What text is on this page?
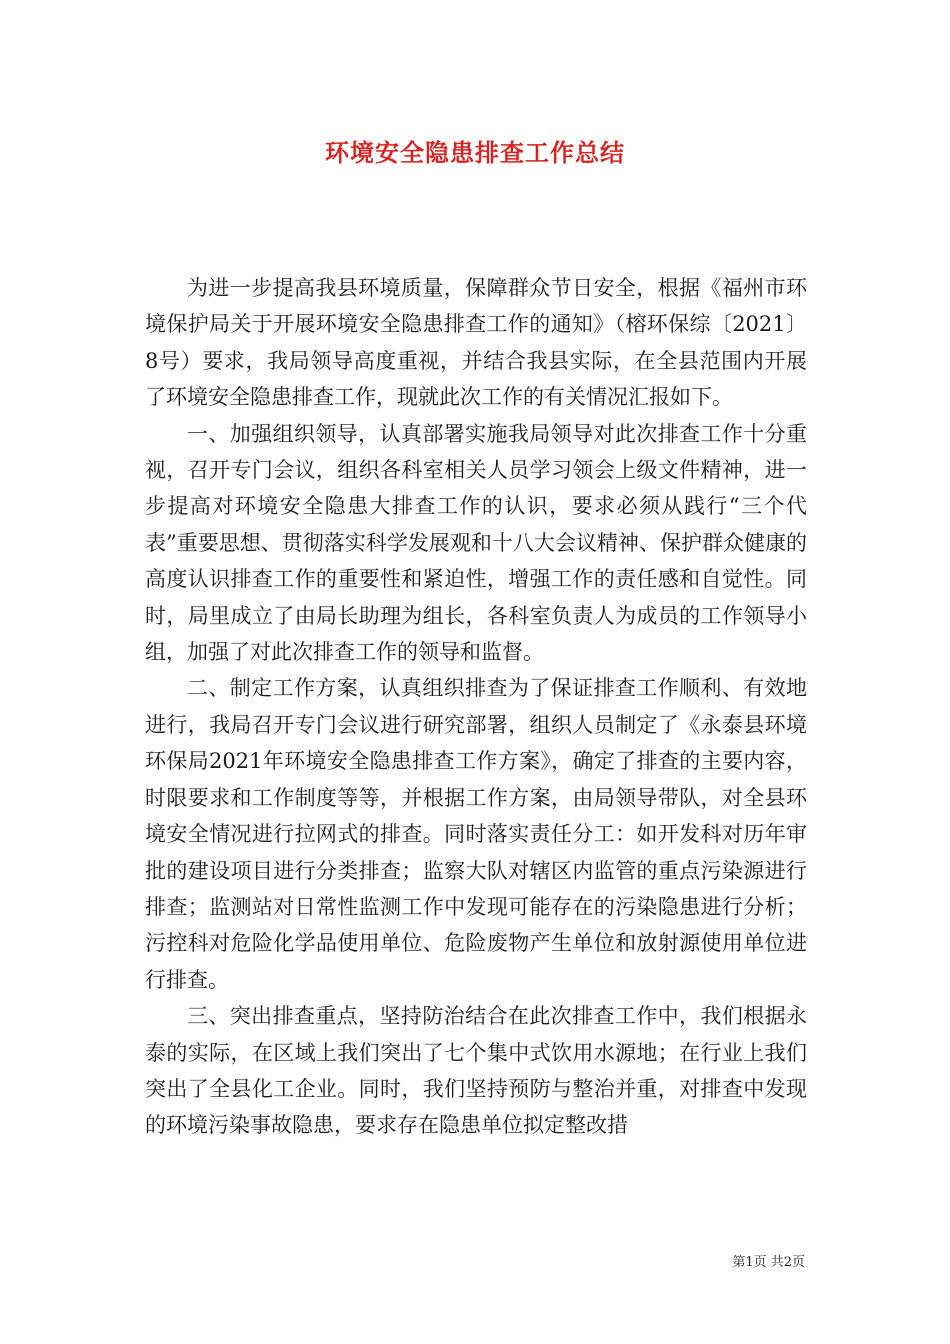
环境安全隐患排查工作总结

为进一步提高我县环境质量，保障群众节日安全，根据《福州市环境保护局关于开展环境安全隐患排查工作的通知》（榕环保综〔2021〕8号）要求，我局领导高度重视，并结合我县实际，在全县范围内开展了环境安全隐患排查工作，现就此次工作的有关情况汇报如下。

一、加强组织领导，认真部署实施我局领导对此次排查工作十分重视，召开专门会议，组织各科室相关人员学习领会上级文件精神，进一步提高对环境安全隐患大排查工作的认识，要求必须从践行“三个代表”重要思想、贯彻落实科学发展观和十八大会议精神、保护群众健康的高度认识排查工作的重要性和紧迫性，增强工作的责任感和自觉性。同时，局里成立了由局长助理为组长，各科室负责人为成员的工作领导小组，加强了对此次排查工作的领导和监督。

二、制定工作方案，认真组织排查为了保证排查工作顺利、有效地进行，我局召开专门会议进行研究部署，组织人员制定了《永泰县环境环保局2021年环境安全隐患排查工作方案》，确定了排查的主要内容，时限要求和工作制度等等，并根据工作方案，由局领导带队，对全县环境安全情况进行拉网式的排查。同时落实责任分工：如开发科对历年审批的建设项目进行分类排查；监察大队对辖区内监管的重点污染源进行排查；监测站对日常性监测工作中发现可能存在的污染隐患进行分析；污控科对危险化学品使用单位、危险废物产生单位和放射源使用单位进行排查。

三、突出排查重点，坚持防治结合在此次排查工作中，我们根据永泰的实际，在区域上我们突出了七个集中式饮用水源地；在行业上我们突出了全县化工企业。同时，我们坚持预防与整治并重，对排查中发现的环境污染事故隐患，要求存在隐患单位拟定整改措

第1页 共2页
